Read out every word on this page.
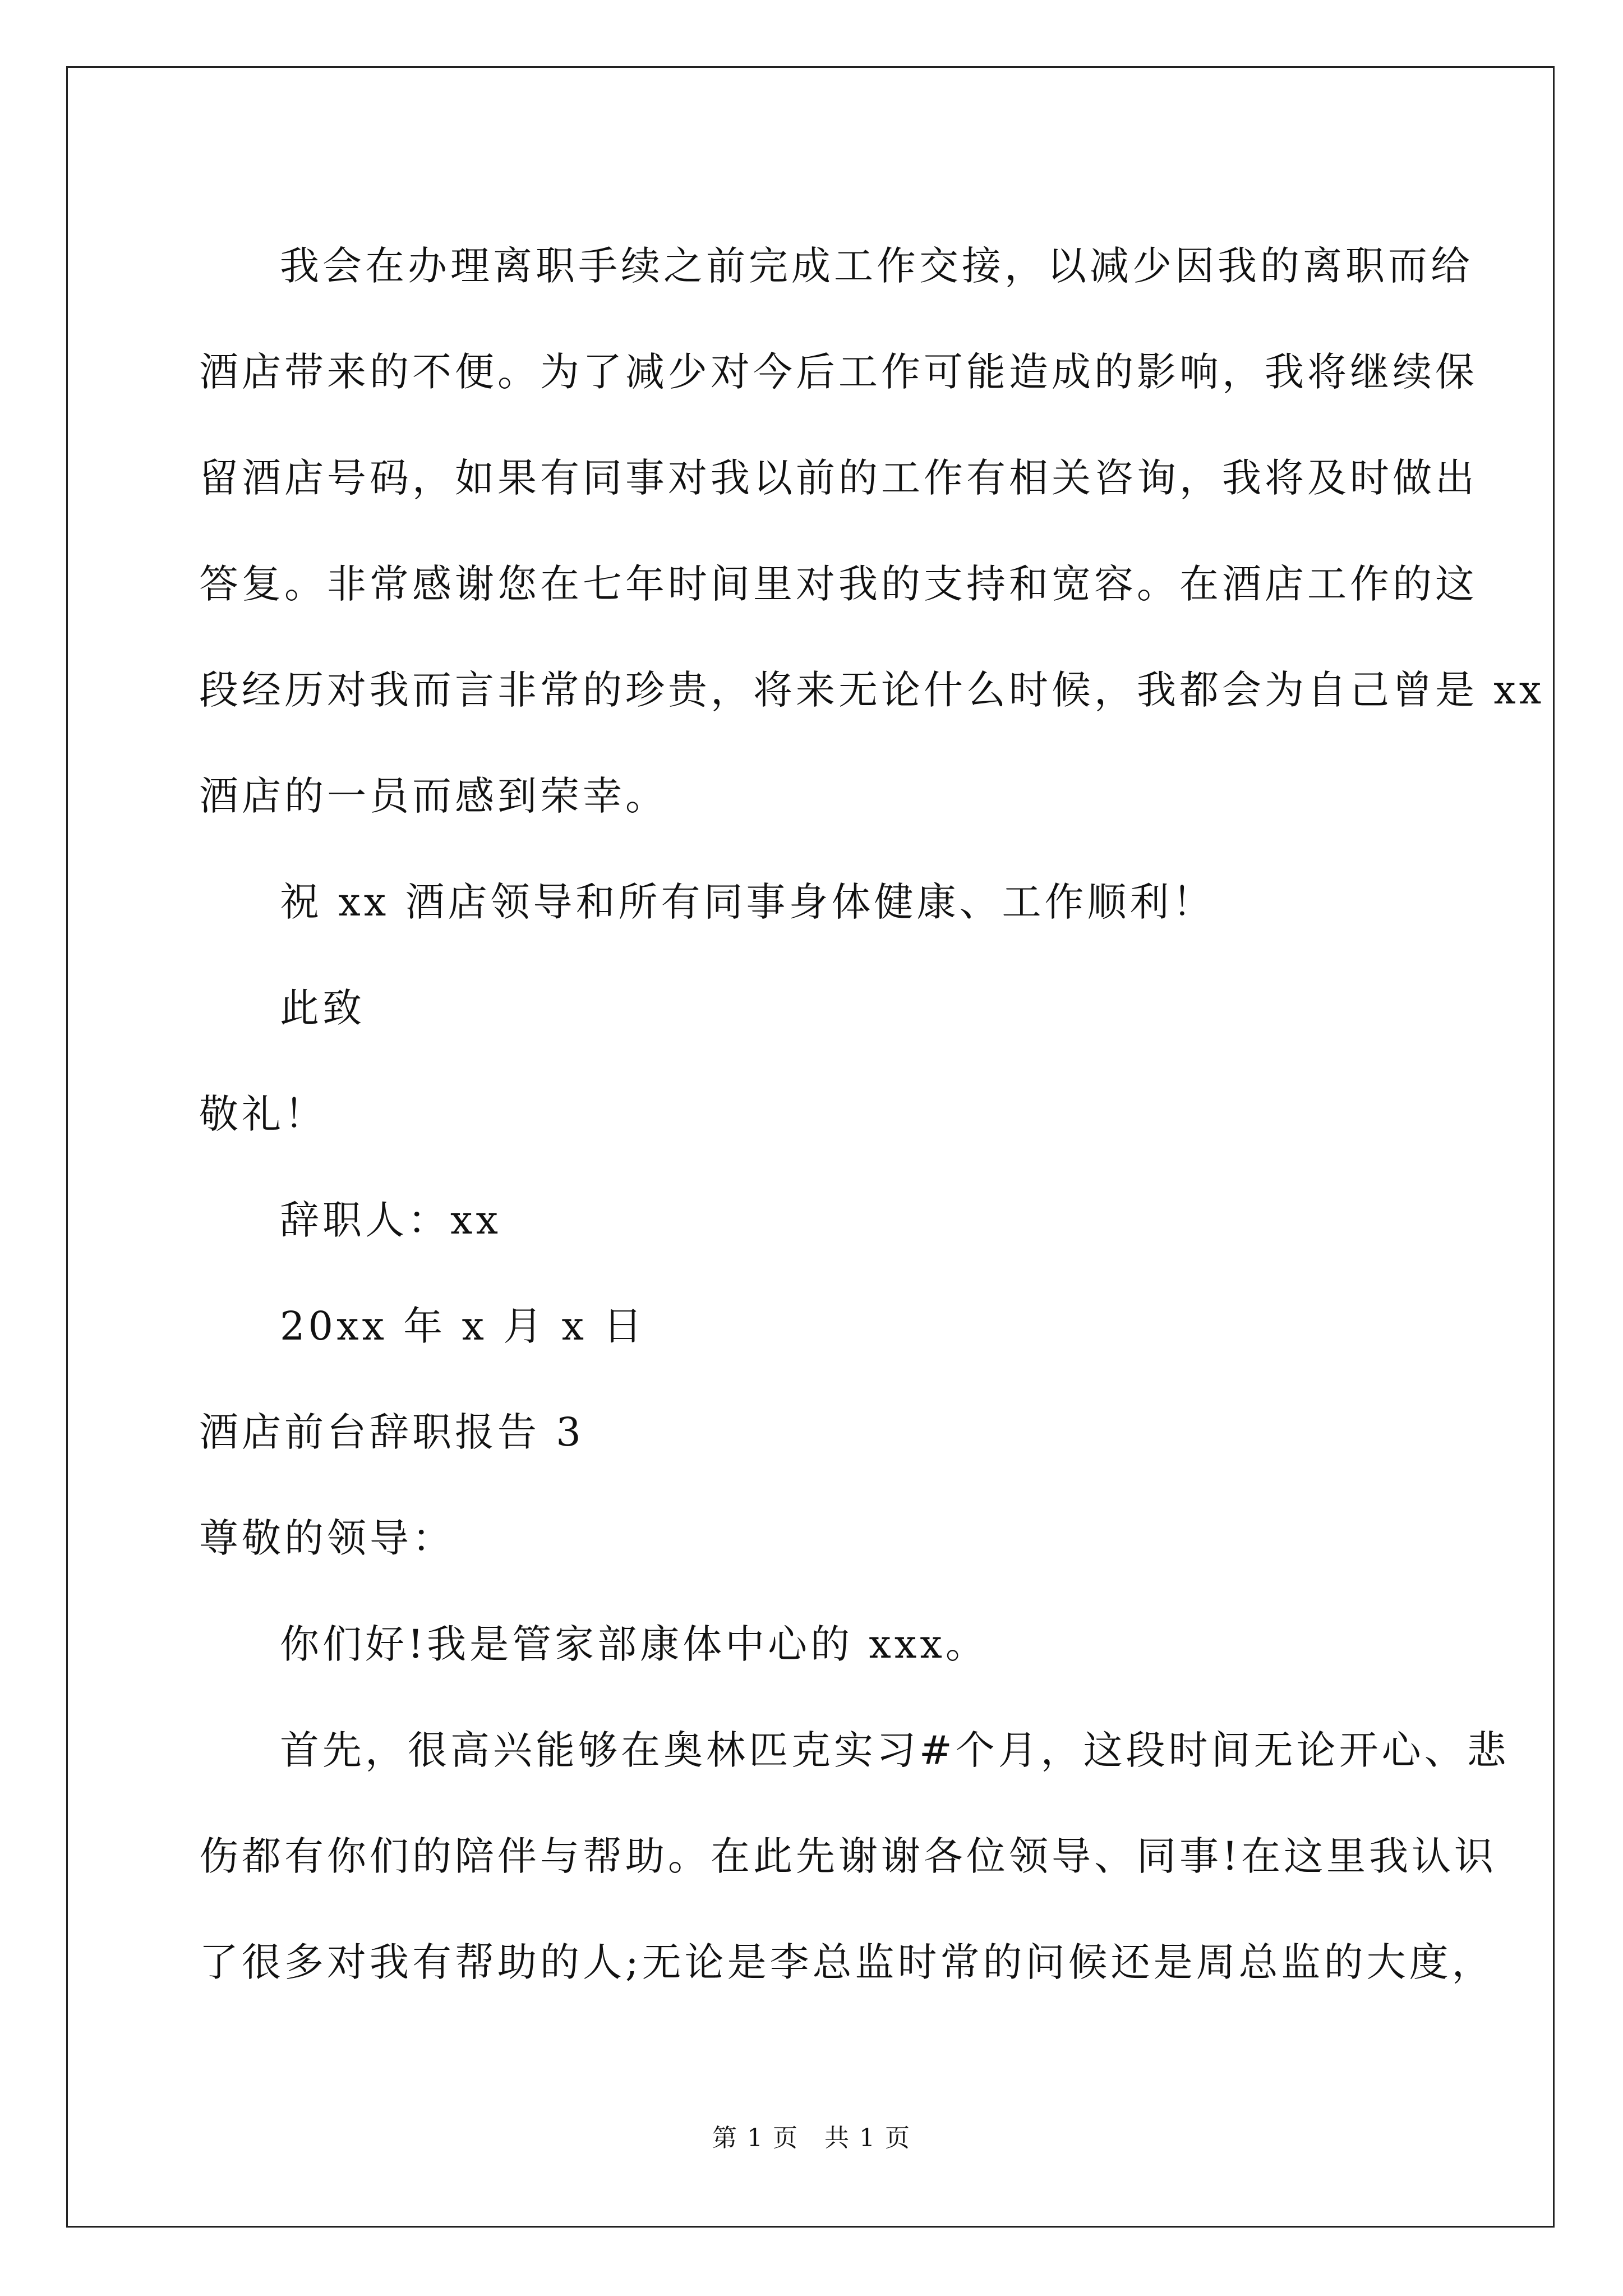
我会在办理离职手续之前完成工作交接，以减少因我的离职而给
酒店带来的不便。为了减少对今后工作可能造成的影响，我将继续保
留酒店号码，如果有同事对我以前的工作有相关咨询，我将及时做出
答复。非常感谢您在七年时间里对我的支持和宽容。在酒店工作的这
段经历对我而言非常的珍贵，将来无论什么时候，我都会为自己曾是 xx
酒店的一员而感到荣幸。
祝 xx 酒店领导和所有同事身体健康、工作顺利！
此致
敬礼！
辞职人：xx
20xx 年 x 月 x 日
酒店前台辞职报告 3
尊敬的领导：
你们好!我是管家部康体中心的 xxx。
首先，很高兴能够在奥林匹克实习#个月，这段时间无论开心、悲
伤都有你们的陪伴与帮助。在此先谢谢各位领导、同事!在这里我认识
了很多对我有帮助的人;无论是李总监时常的问候还是周总监的大度，
第 1 页　共 1 页
